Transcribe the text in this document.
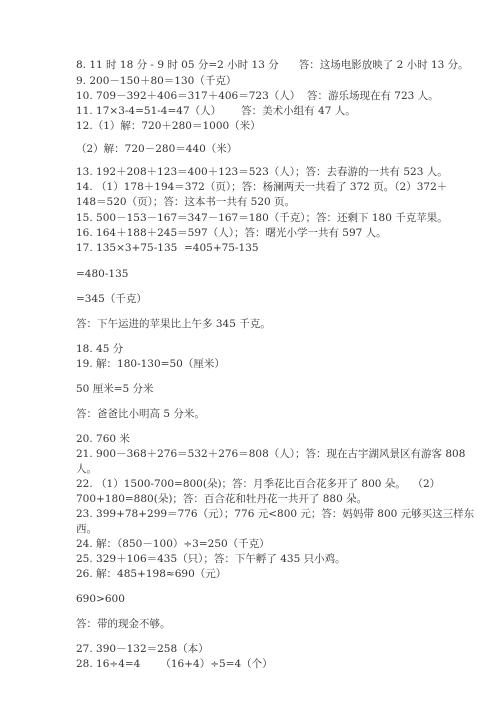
8. 11 时 18 分 - 9 时 05 分=2 小时 13 分      答：这场电影放映了 2 小时 13 分。
9. 200－150＋80＝130（千克）
10. 709－392＋406＝317＋406＝723（人）  答：游乐场现在有 723 人。
11. 17×3-4=51-4=47（人）      答：美术小组有 47 人。
12.（1）解：720＋280＝1000（米）
（2）解：720－280＝440（米）
13. 192＋208＋123＝400＋123＝523（人）；答：去春游的一共有 523 人。
14. （1）178＋194＝372（页）；答：杨澜两天一共看了 372 页。（2）372＋
148＝520（页）；答：这本书一共有 520 页。
15. 500－153－167＝347－167＝180（千克）；答：还剩下 180 千克苹果。
16. 164＋188＋245＝597（人）；答：曙光小学一共有 597 人。
17. 135×3+75-135  =405+75-135
=480-135
=345（千克）
答：下午运进的苹果比上午多 345 千克。
18. 45 分
19. 解：180-130=50（厘米）
50 厘米=5 分米
答：爸爸比小明高 5 分米。
20. 760 米
21. 900－368＋276＝532＋276＝808（人）；答：现在古宇湖风景区有游客 808
人。
22. （1）1500-700=800(朵)；答：月季花比百合花多开了 800 朵。  （2）
700+180=880(朵)；答：百合花和牡丹花一共开了 880 朵。
23. 399+78+299＝776（元）；776 元<800 元；答：妈妈带 800 元够买这三样东
西。
24. 解：（850－100）÷3=250（千克）
25. 329＋106＝435（只）；答：下午孵了 435 只小鸡。
26. 解：485+198≈690（元）
690>600
答：带的现金不够。
27. 390－132＝258（本）
28. 16÷4=4      （16+4）÷5=4（个）
